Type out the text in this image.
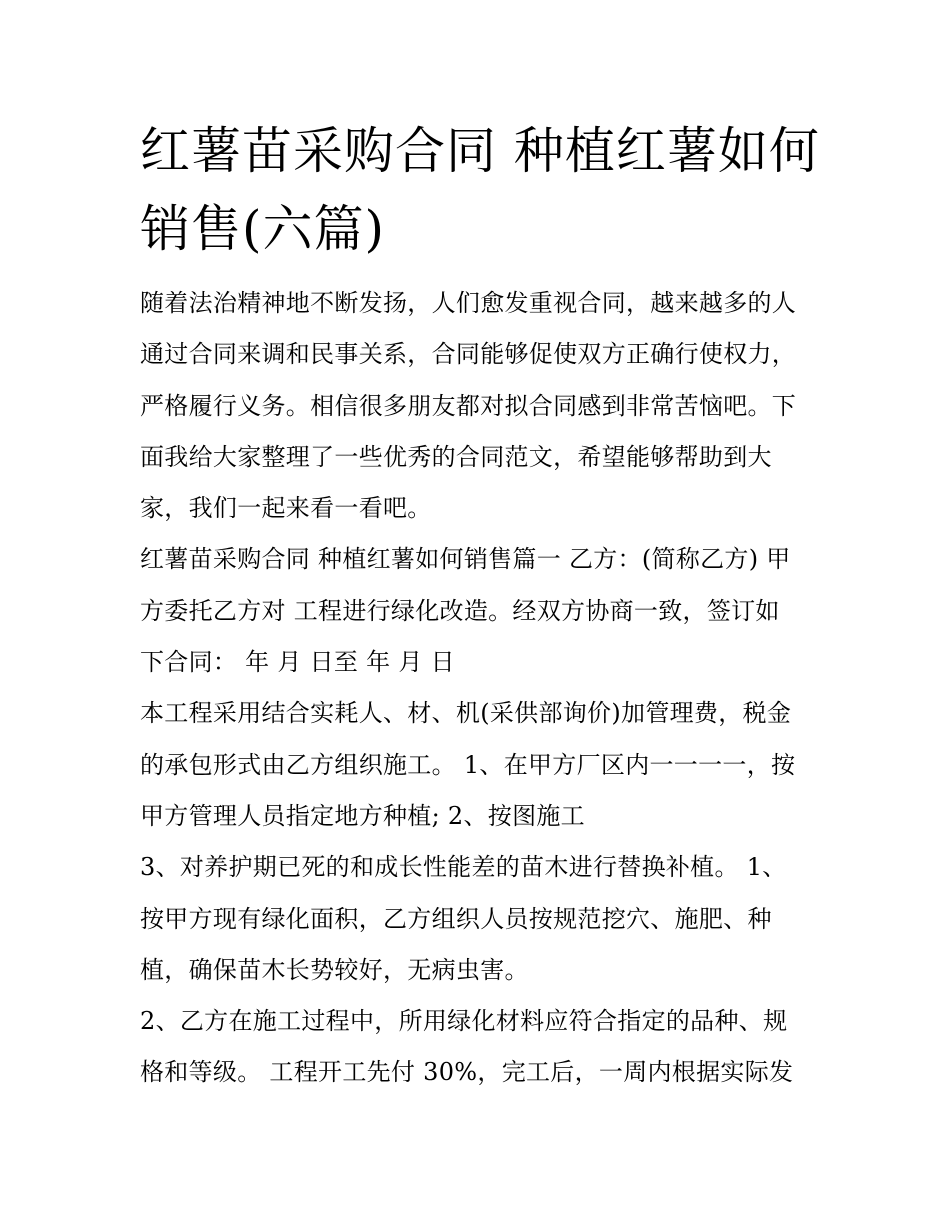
红薯苗采购合同 种植红薯如何
销售(六篇)
随着法治精神地不断发扬，人们愈发重视合同，越来越多的人
通过合同来调和民事关系，合同能够促使双方正确行使权力，
严格履行义务。相信很多朋友都对拟合同感到非常苦恼吧。下
面我给大家整理了一些优秀的合同范文，希望能够帮助到大
家，我们一起来看一看吧。
红薯苗采购合同 种植红薯如何销售篇一 乙方：(简称乙方) 甲
方委托乙方对 工程进行绿化改造。经双方协商一致，签订如
下合同： 年 月 日至 年 月 日
本工程采用结合实耗人、材、机(采供部询价)加管理费，税金
的承包形式由乙方组织施工。 1、在甲方厂区内一一一一，按
甲方管理人员指定地方种植; 2、按图施工
3、对养护期已死的和成长性能差的苗木进行替换补植。 1、
按甲方现有绿化面积，乙方组织人员按规范挖穴、施肥、种
植，确保苗木长势较好，无病虫害。
2、乙方在施工过程中，所用绿化材料应符合指定的品种、规
格和等级。 工程开工先付 30%，完工后，一周内根据实际发
